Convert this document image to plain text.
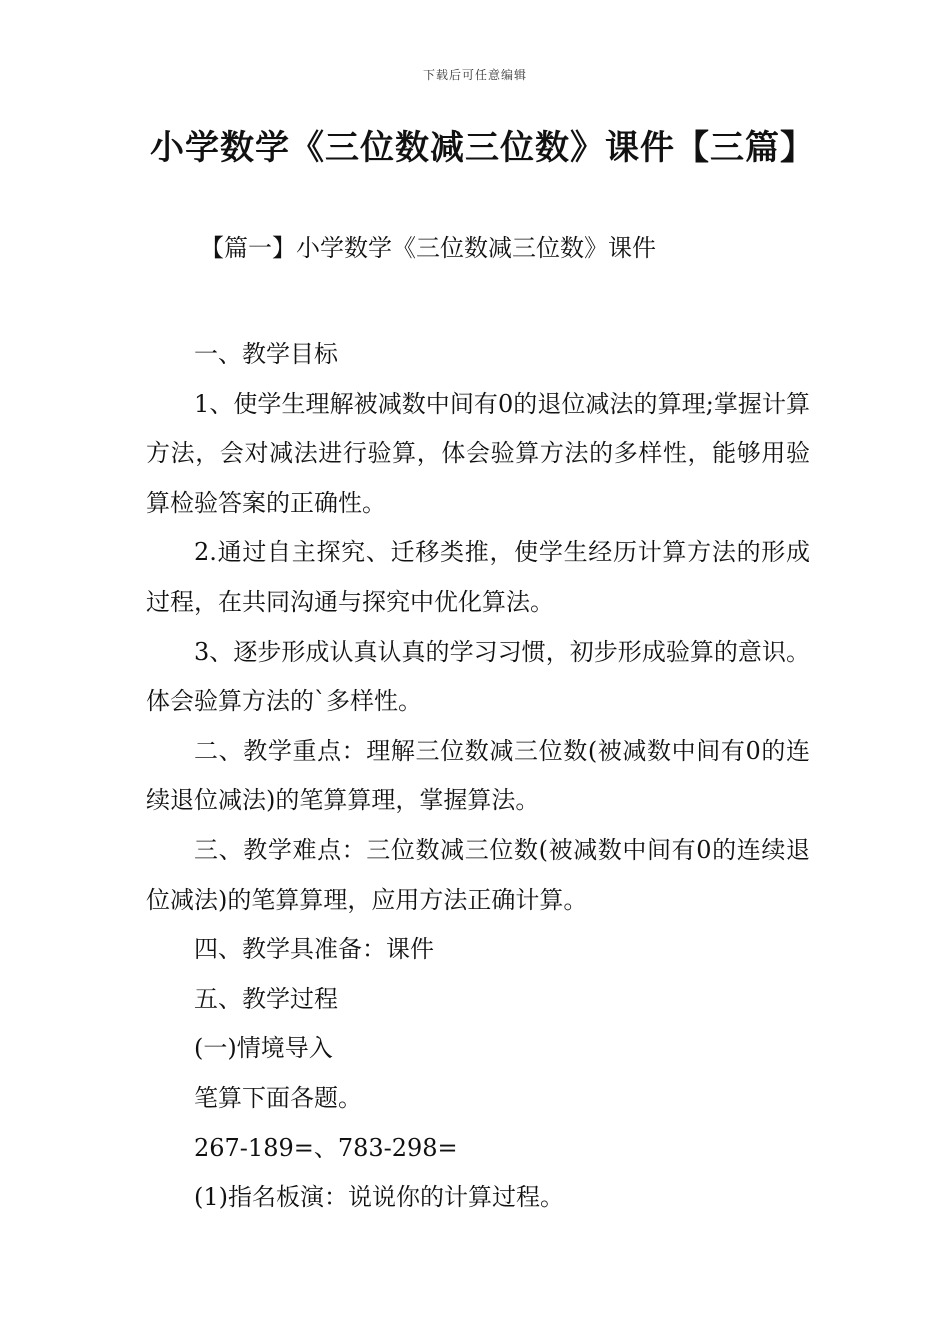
下载后可任意编辑
小学数学《三位数减三位数》课件【三篇】

【篇一】小学数学《三位数减三位数》课件

一、教学目标

1、使学生理解被减数中间有0的退位减法的算理;掌握计算方法，会对减法进行验算，体会验算方法的多样性，能够用验算检验答案的正确性。

2.通过自主探究、迁移类推，使学生经历计算方法的形成过程，在共同沟通与探究中优化算法。

3、逐步形成认真认真的学习习惯，初步形成验算的意识。体会验算方法的`多样性。

二、教学重点：理解三位数减三位数(被减数中间有0的连续退位减法)的笔算算理，掌握算法。

三、教学难点：三位数减三位数(被减数中间有0的连续退位减法)的笔算算理，应用方法正确计算。

四、教学具准备：课件

五、教学过程

(一)情境导入

笔算下面各题。

267-189=、783-298=

(1)指名板演：说说你的计算过程。
